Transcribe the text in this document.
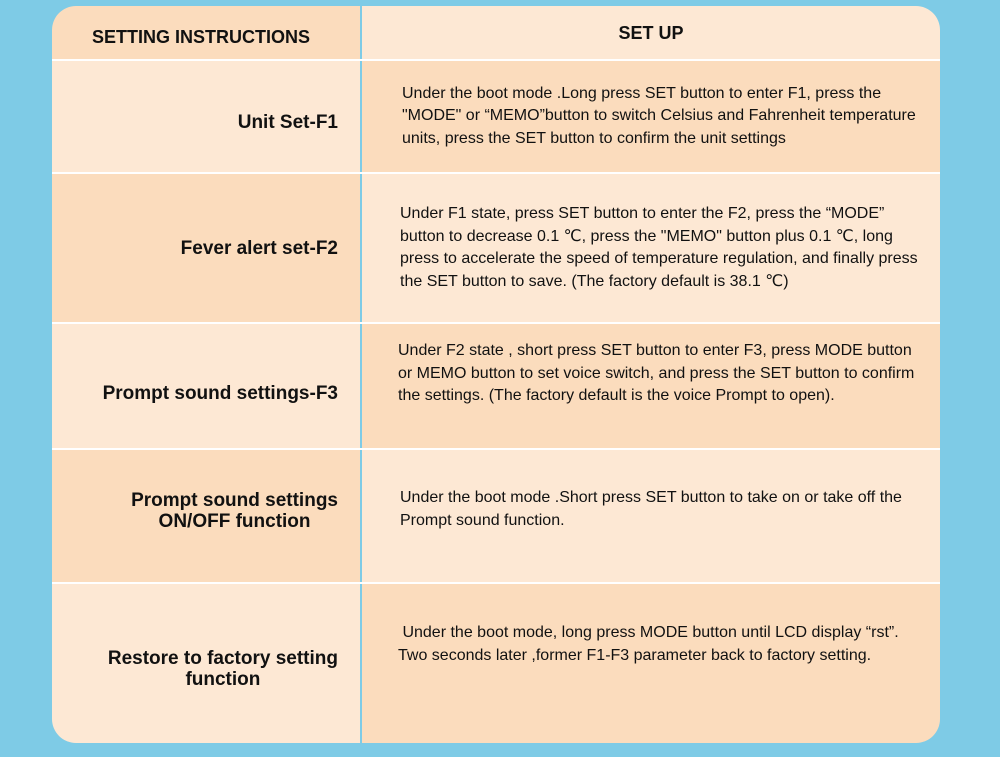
SETTING INSTRUCTIONS	SET UP
Unit Set-F1
Under the boot mode .Long press SET button to enter F1, press the "MODE" or “MEMO”button to switch Celsius and Fahrenheit temperature units, press the SET button to confirm the unit settings
Fever alert set-F2
Under F1 state, press SET button to enter the F2, press the “MODE” button to decrease 0.1 ℃, press the "MEMO" button plus 0.1 ℃, long press to accelerate the speed of temperature regulation, and finally press the SET button to save. (The factory default is 38.1 ℃)
Prompt sound settings-F3
Under F2 state , short press SET button to enter F3, press MODE button or MEMO button to set voice switch, and press the SET button to confirm the settings. (The factory default is the voice Prompt to open).
Prompt sound settings
ON/OFF function
Under the boot mode .Short press SET button to take on or take off the Prompt sound function.
Restore to factory setting
function
Under the boot mode, long press MODE button until LCD display “rst”. Two seconds later ,former F1-F3 parameter back to factory setting.
